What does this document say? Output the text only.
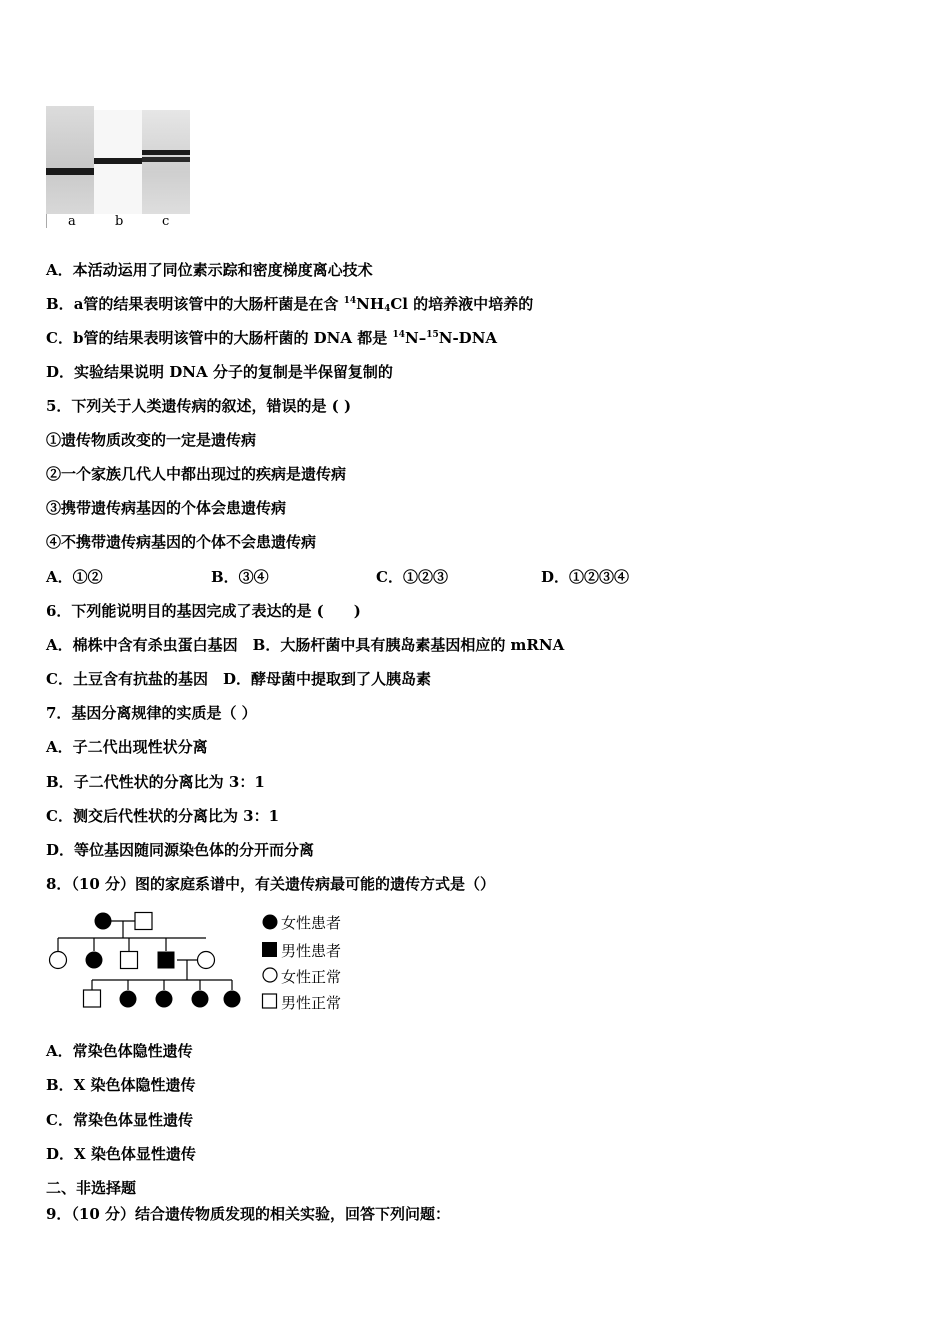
a	b	c
A．本活动运用了同位素示踪和密度梯度离心技术
B．a管的结果表明该管中的大肠杆菌是在含 $^{14}NH_4Cl$ 的培养液中培养的
C．b管的结果表明该管中的大肠杆菌的 DNA 都是 $^{14}$N–$^{15}$N-DNA
D．实验结果说明 DNA 分子的复制是半保留复制的
5．下列关于人类遗传病的叙述，错误的是 ( )
①遗传物质改变的一定是遗传病
②一个家族几代人中都出现过的疾病是遗传病
③携带遗传病基因的个体会患遗传病
④不携带遗传病基因的个体不会患遗传病
A．①②	B．③④	C．①②③	D．①②③④
6．下列能说明目的基因完成了表达的是 (　　)
A．棉株中含有杀虫蛋白基因　B．大肠杆菌中具有胰岛素基因相应的 mRNA
C．土豆含有抗盐的基因　D．酵母菌中提取到了人胰岛素
7．基因分离规律的实质是（ ）
A．子二代出现性状分离
B．子二代性状的分离比为 3：1
C．测交后代性状的分离比为 3：1
D．等位基因随同源染色体的分开而分离
8．（10 分）图的家庭系谱中，有关遗传病最可能的遗传方式是（）
女性患者
男性患者
女性正常
男性正常
A．常染色体隐性遗传
B．X 染色体隐性遗传
C．常染色体显性遗传
D．X 染色体显性遗传
二、非选择题
9．（10 分）结合遗传物质发现的相关实验，回答下列问题：
